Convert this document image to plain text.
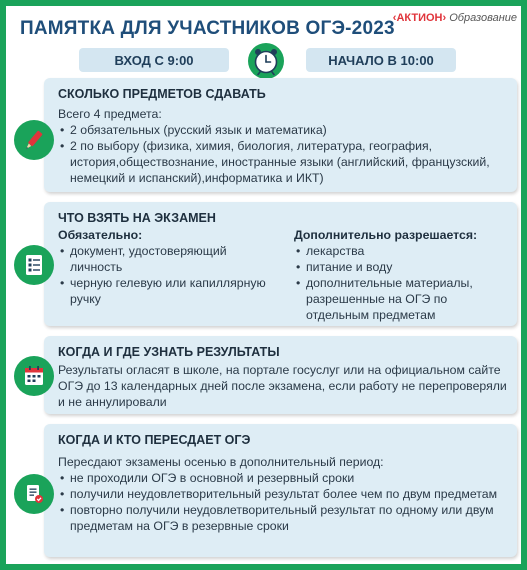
ПАМЯТКА ДЛЯ УЧАСТНИКОВ ОГЭ-2023
‹АКТИОН› Образование
ВХОД С 9:00	НАЧАЛО В 10:00
СКОЛЬКО ПРЕДМЕТОВ СДАВАТЬ
Всего 4 предмета:
• 2 обязательных (русский язык и математика)
• 2 по выбору (физика, химия, биология, литература, география, история,обществознание, иностранные языки (английский, французский, немецкий и испанский),информатика и ИКТ)
ЧТО ВЗЯТЬ НА ЭКЗАМЕН
Обязательно:
• документ, удостоверяющий личность
• черную гелевую или капиллярную ручку
Дополнительно разрешается:
• лекарства
• питание и воду
• дополнительные материалы, разрешенные на ОГЭ по отдельным предметам
КОГДА И ГДЕ УЗНАТЬ РЕЗУЛЬТАТЫ
Результаты огласят в школе, на портале госуслуг или на официальном сайте ОГЭ до 13 календарных дней после экзамена, если работу не перепроверяли и не аннулировали
КОГДА И КТО ПЕРЕСДАЕТ ОГЭ
Пересдают экзамены осенью в дополнительный период:
• не проходили ОГЭ в основной и резервный сроки
• получили неудовлетворительный результат более чем по двум предметам
• повторно получили неудовлетворительный результат по одному или двум предметам на ОГЭ в резервные сроки
